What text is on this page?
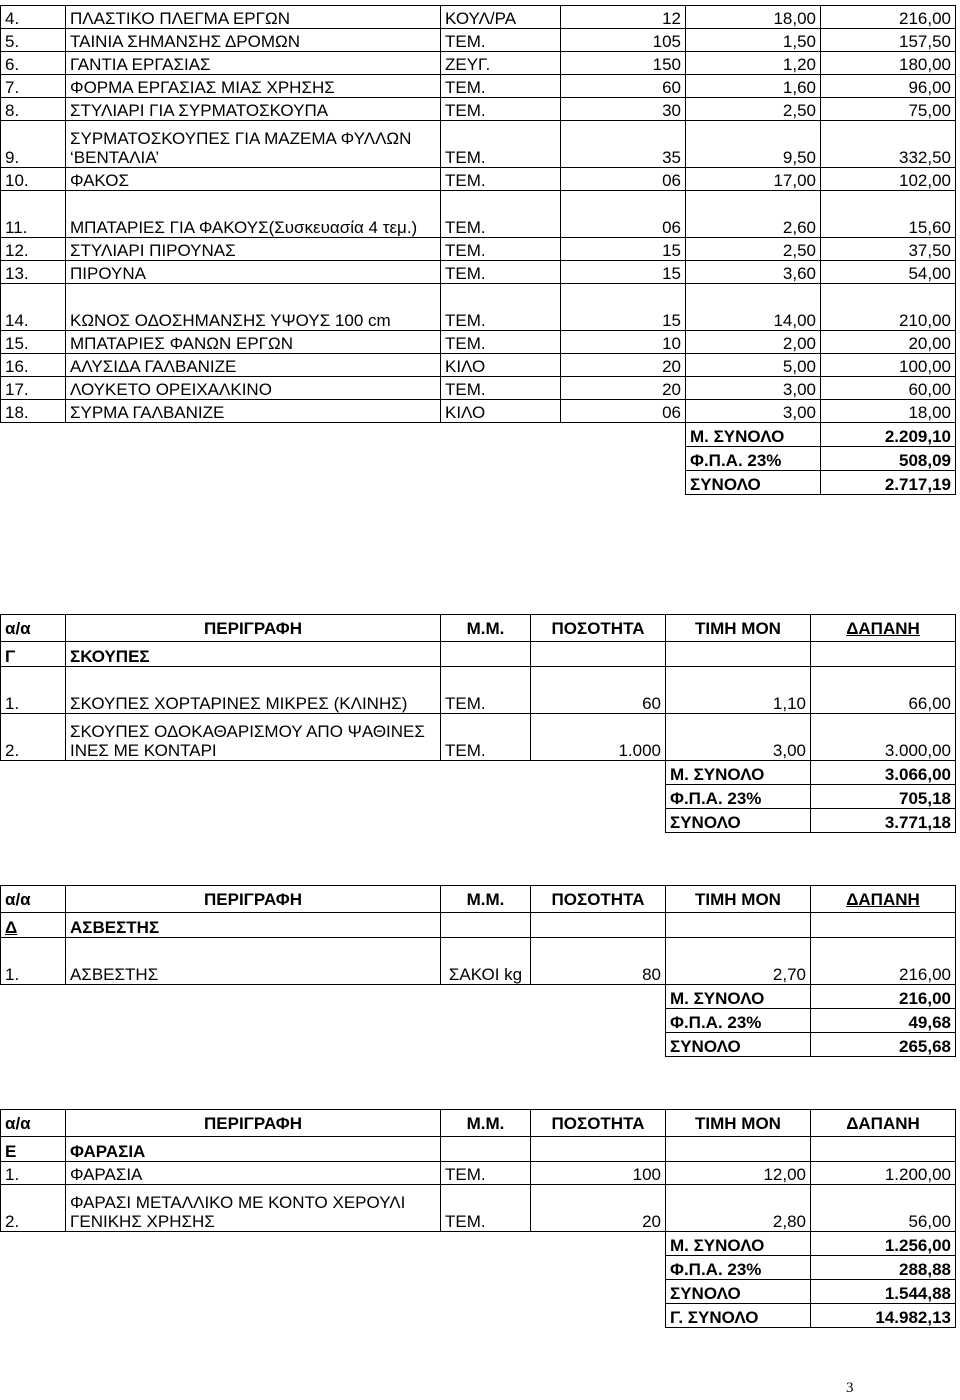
4.	ΠΛΑΣΤΙΚΟ ΠΛΕΓΜΑ ΕΡΓΩΝ	ΚΟΥΛ/ΡΑ	12	18,00	216,00
5.	ΤΑΙΝΙΑ ΣΗΜΑΝΣΗΣ ΔΡΟΜΩΝ	ΤΕΜ.	105	1,50	157,50
6.	ΓΑΝΤΙΑ ΕΡΓΑΣΙΑΣ	ΖΕΥΓ.	150	1,20	180,00
7.	ΦΟΡΜΑ ΕΡΓΑΣΙΑΣ ΜΙΑΣ ΧΡΗΣΗΣ	ΤΕΜ.	60	1,60	96,00
8.	ΣΤΥΛΙΑΡΙ ΓΙΑ ΣΥΡΜΑΤΟΣΚΟΥΠΑ	ΤΕΜ.	30	2,50	75,00
9.	ΣΥΡΜΑΤΟΣΚΟΥΠΕΣ ΓΙΑ ΜΑΖΕΜΑ ΦΥΛΛΩΝ ‘ΒΕΝΤΑΛΙΑ’	ΤΕΜ.	35	9,50	332,50
10.	ΦΑΚΟΣ	ΤΕΜ.	06	17,00	102,00
11.	ΜΠΑΤΑΡΙΕΣ ΓΙΑ ΦΑΚΟΥΣ(Συσκευασία 4 τεμ.)	ΤΕΜ.	06	2,60	15,60
12.	ΣΤΥΛΙΑΡΙ ΠΙΡΟΥΝΑΣ	ΤΕΜ.	15	2,50	37,50
13.	ΠΙΡΟΥΝΑ	ΤΕΜ.	15	3,60	54,00
14.	ΚΩΝΟΣ ΟΔΟΣΗΜΑΝΣΗΣ ΥΨΟΥΣ 100 cm	ΤΕΜ.	15	14,00	210,00
15.	ΜΠΑΤΑΡΙΕΣ ΦΑΝΩΝ ΕΡΓΩΝ	ΤΕΜ.	10	2,00	20,00
16.	ΑΛΥΣΙΔΑ ΓΑΛΒΑΝΙΖΕ	ΚΙΛΟ	20	5,00	100,00
17.	ΛΟΥΚΕΤΟ ΟΡΕΙΧΑΛΚΙΝΟ	ΤΕΜ.	20	3,00	60,00
18.	ΣΥΡΜΑ ΓΑΛΒΑΝΙΖΕ	ΚΙΛΟ	06	3,00	18,00
				Μ. ΣΥΝΟΛΟ	2.209,10
				Φ.Π.Α. 23%	508,09
				ΣΥΝΟΛΟ	2.717,19
α/α	ΠΕΡΙΓΡΑΦΗ	Μ.Μ.	ΠΟΣΟΤΗΤΑ	ΤΙΜΗ ΜΟΝ	ΔΑΠΑΝΗ
Γ	ΣΚΟΥΠΕΣ				
1.	ΣΚΟΥΠΕΣ ΧΟΡΤΑΡΙΝΕΣ ΜΙΚΡΕΣ (ΚΛΙΝΗΣ)	ΤΕΜ.	60	1,10	66,00
2.	ΣΚΟΥΠΕΣ ΟΔΟΚΑΘΑΡΙΣΜΟΥ ΑΠΟ ΨΑΘΙΝΕΣ ΙΝΕΣ ΜΕ ΚΟΝΤΑΡΙ	ΤΕΜ.	1.000	3,00	3.000,00
				Μ. ΣΥΝΟΛΟ	3.066,00
				Φ.Π.Α. 23%	705,18
				ΣΥΝΟΛΟ	3.771,18
α/α	ΠΕΡΙΓΡΑΦΗ	Μ.Μ.	ΠΟΣΟΤΗΤΑ	ΤΙΜΗ ΜΟΝ	ΔΑΠΑΝΗ
Δ	ΑΣΒΕΣΤΗΣ				
1.	ΑΣΒΕΣΤΗΣ	ΣΑΚΟΙ kg	80	2,70	216,00
				Μ. ΣΥΝΟΛΟ	216,00
				Φ.Π.Α. 23%	49,68
				ΣΥΝΟΛΟ	265,68
α/α	ΠΕΡΙΓΡΑΦΗ	Μ.Μ.	ΠΟΣΟΤΗΤΑ	ΤΙΜΗ ΜΟΝ	ΔΑΠΑΝΗ
Ε	ΦΑΡΑΣΙΑ				
1.	ΦΑΡΑΣΙΑ	ΤΕΜ.	100	12,00	1.200,00
2.	ΦΑΡΑΣΙ ΜΕΤΑΛΛΙΚΟ ΜΕ ΚΟΝΤΟ ΧΕΡΟΥΛΙ ΓΕΝΙΚΗΣ ΧΡΗΣΗΣ	ΤΕΜ.	20	2,80	56,00
				Μ. ΣΥΝΟΛΟ	1.256,00
				Φ.Π.Α. 23%	288,88
				ΣΥΝΟΛΟ	1.544,88
				Γ. ΣΥΝΟΛΟ	14.982,13
3
